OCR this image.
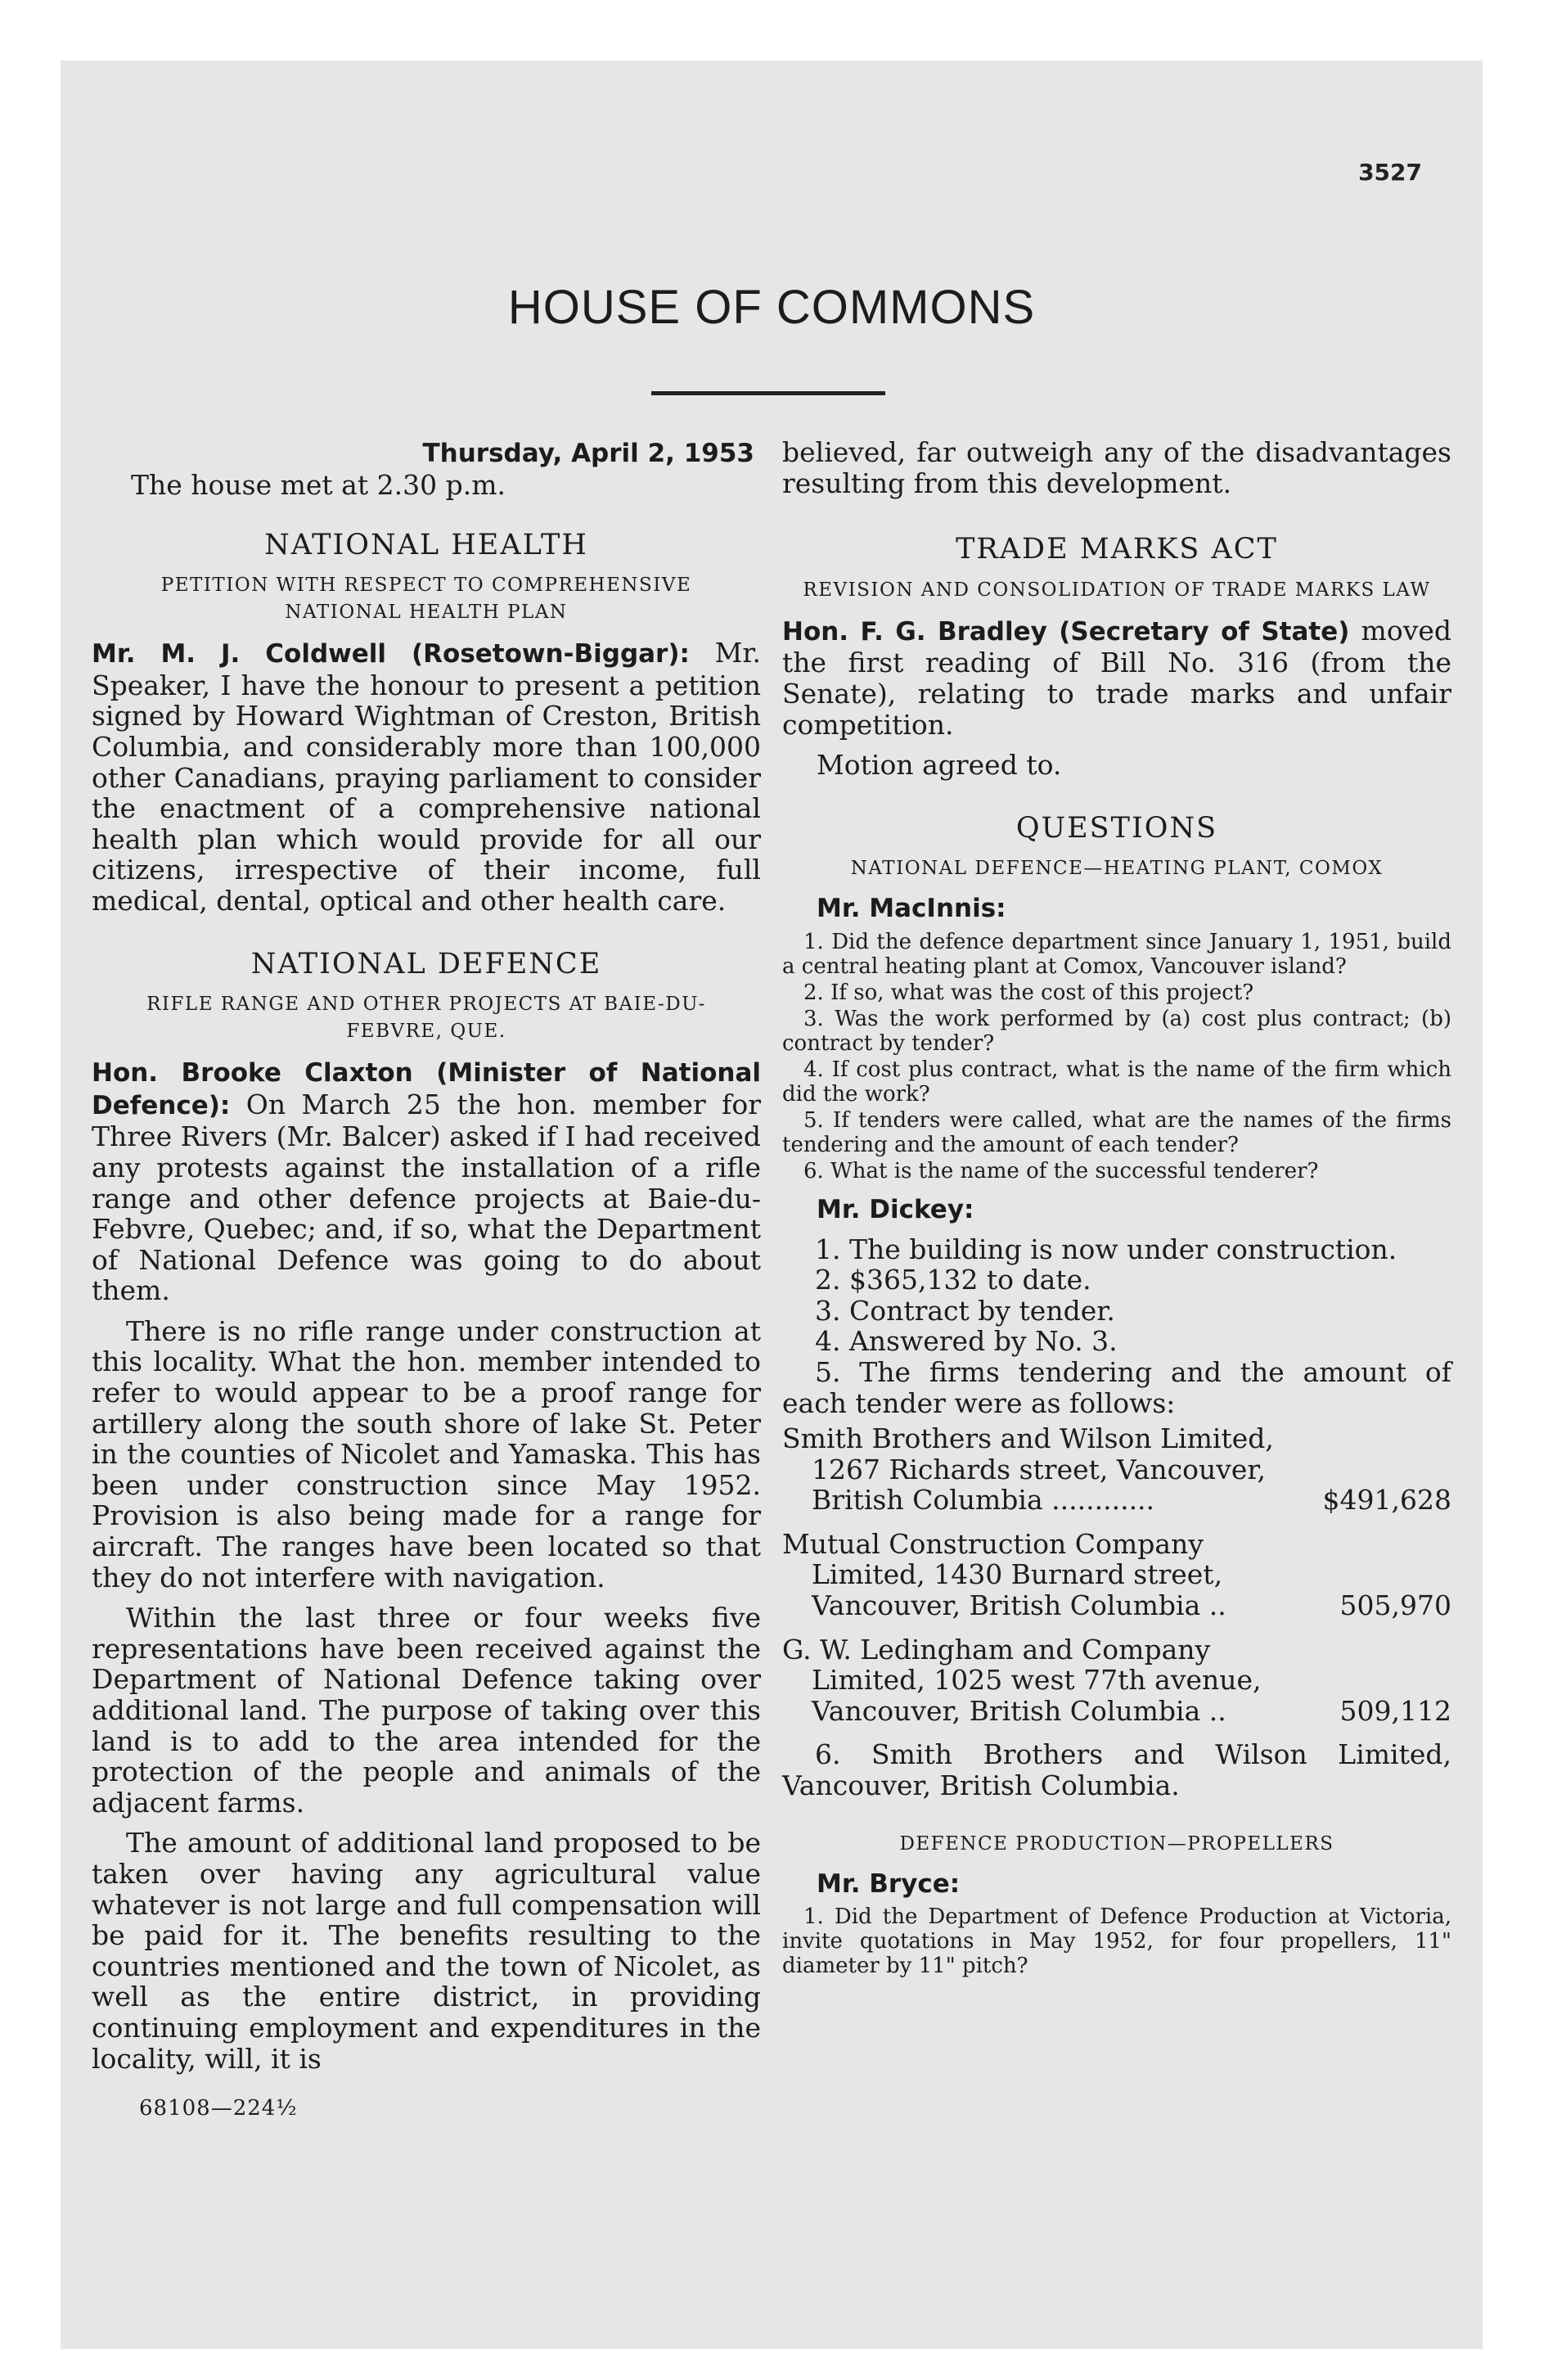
3527
HOUSE OF COMMONS
Thursday, April 2, 1953

The house met at 2.30 p.m.

NATIONAL HEALTH
PETITION WITH RESPECT TO COMPREHENSIVE NATIONAL HEALTH PLAN

Mr. M. J. Coldwell (Rosetown-Biggar): Mr. Speaker, I have the honour to present a petition signed by Howard Wightman of Creston, British Columbia, and considerably more than 100,000 other Canadians, praying parliament to consider the enactment of a comprehensive national health plan which would provide for all our citizens, irrespective of their income, full medical, dental, optical and other health care.

NATIONAL DEFENCE
RIFLE RANGE AND OTHER PROJECTS AT BAIE-DU-FEBVRE, QUE.

Hon. Brooke Claxton (Minister of National Defence): On March 25 the hon. member for Three Rivers (Mr. Balcer) asked if I had received any protests against the installation of a rifle range and other defence projects at Baie-du-Febvre, Quebec; and, if so, what the Department of National Defence was going to do about them.

There is no rifle range under construction at this locality. What the hon. member intended to refer to would appear to be a proof range for artillery along the south shore of lake St. Peter in the counties of Nicolet and Yamaska. This has been under construction since May 1952. Provision is also being made for a range for aircraft. The ranges have been located so that they do not interfere with navigation.

Within the last three or four weeks five representations have been received against the Department of National Defence taking over additional land. The purpose of taking over this land is to add to the area intended for the protection of the people and animals of the adjacent farms.

The amount of additional land proposed to be taken over having any agricultural value whatever is not large and full compensation will be paid for it. The benefits resulting to the countries mentioned and the town of Nicolet, as well as the entire district, in providing continuing employment and expenditures in the locality, will, it is

68108—224½

believed, far outweigh any of the disadvantages resulting from this development.

TRADE MARKS ACT
REVISION AND CONSOLIDATION OF TRADE MARKS LAW

Hon. F. G. Bradley (Secretary of State) moved the first reading of Bill No. 316 (from the Senate), relating to trade marks and unfair competition.

Motion agreed to.

QUESTIONS
NATIONAL DEFENCE—HEATING PLANT, COMOX

Mr. MacInnis:

1. Did the defence department since January 1, 1951, build a central heating plant at Comox, Vancouver island?

2. If so, what was the cost of this project?

3. Was the work performed by (a) cost plus contract; (b) contract by tender?

4. If cost plus contract, what is the name of the firm which did the work?

5. If tenders were called, what are the names of the firms tendering and the amount of each tender?

6. What is the name of the successful tenderer?

Mr. Dickey:

1. The building is now under construction.

2. $365,132 to date.

3. Contract by tender.

4. Answered by No. 3.

5. The firms tendering and the amount of each tender were as follows:

Smith Brothers and Wilson Limited,
1267 Richards street, Vancouver,
British Columbia ............	$491,628
Mutual Construction Company
Limited, 1430 Burnard street,
Vancouver, British Columbia ..	505,970
G. W. Ledingham and Company
Limited, 1025 west 77th avenue,
Vancouver, British Columbia ..	509,112

6. Smith Brothers and Wilson Limited, Vancouver, British Columbia.

DEFENCE PRODUCTION—PROPELLERS

Mr. Bryce:

1. Did the Department of Defence Production at Victoria, invite quotations in May 1952, for four propellers, 11" diameter by 11" pitch?
